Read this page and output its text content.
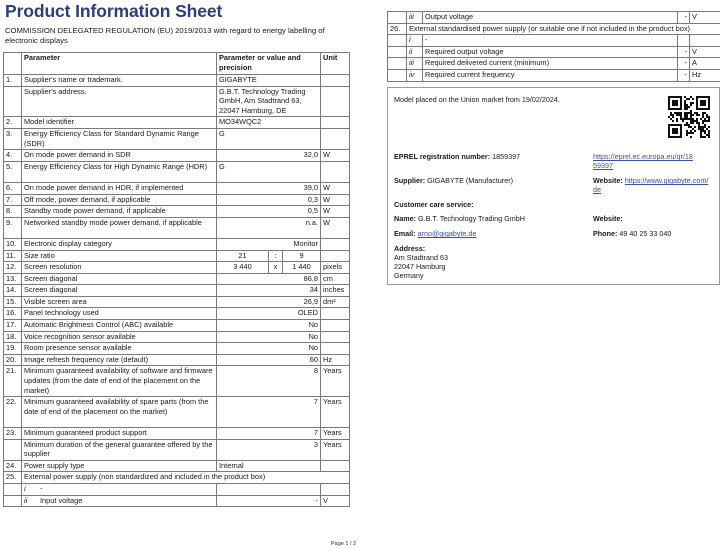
Product Information Sheet
COMMISSION DELEGATED REGULATION (EU) 2019/2013 with regard to energy labelling of electronic displays
	Parameter	Parameter or value and precision			Unit
1.	Supplier's name or trademark.	GIGABYTE			
	Supplier's address.	G.B.T. Technology Trading GmbH, Am Stadtrand 63, 22047 Hamburg, DE			
2.	Model identifier	MO34WQC2			
3.	Energy Efficiency Class for Standard Dynamic Range (SDR)	G			
4.	On mode power demand in SDR	32,0			W
5.	Energy Efficiency Class for High Dynamic Range (HDR)	G			
6.	On mode power demand in HDR, if implemented	39,0			W
7.	Off mode, power demand, if applicable	0,3			W
8.	Standby mode power demand, if applicable	0,5			W
9.	Networked standby mode power demand, if applicable	n.a.			W
10.	Electronic display category	Monitor			
11.	Size ratio	21	:	9	
12.	Screen resolution	3 440	x	1 440	pixels
13.	Screen diagonal	86,8			cm
14.	Screen diagonal	34			inches
15.	Visible screen area	26,9			dm²
16.	Panel technology used	OLED			
17.	Automatic Brightness Control (ABC) available	No			
18.	Voice recognition sensor available	No			
19.	Room presence sensor available	No			
20.	Image refresh frequency rate (default)	60			Hz
21.	Minimum guaranteed availability of software and firmware updates (from the date of end of the placement on the market)	8			Years
22.	Minimum guaranteed availability of spare parts (from the date of end of the placement on the market)	7			Years
23.	Minimum guaranteed product support	7			Years
	Minimum duration of the general guarantee offered by the supplier	3			Years
24.	Power supply type	Internal			
25.	External power supply (non standardized and included in the product box)				
	i -				
	ii Input voltage	-			V
	iii	Output voltage	-	V
26.	External standardised power supply (or suitable one if not included in the product box)			
	i	-		
	ii	Required output voltage	-	V
	iii	Required delivered current (minimum)	-	A
	iv	Required current frequency	-	Hz
Model placed on the Union market from 19/02/2024.
EPREL registration number: 1859397	https://eprel.ec.europa.eu/qr/18
59397
Supplier: GIGABYTE (Manufacturer)	Website: https://www.gigabyte.com/
de
Customer care service:
Name: G.B.T. Technology Trading GmbH	Website:
Email: arno@gigabyte.de	Phone: 49 40 25 33 040
Address:
Am Stadtrand 63
22047 Hamburg
Germany
Page 1 / 2
